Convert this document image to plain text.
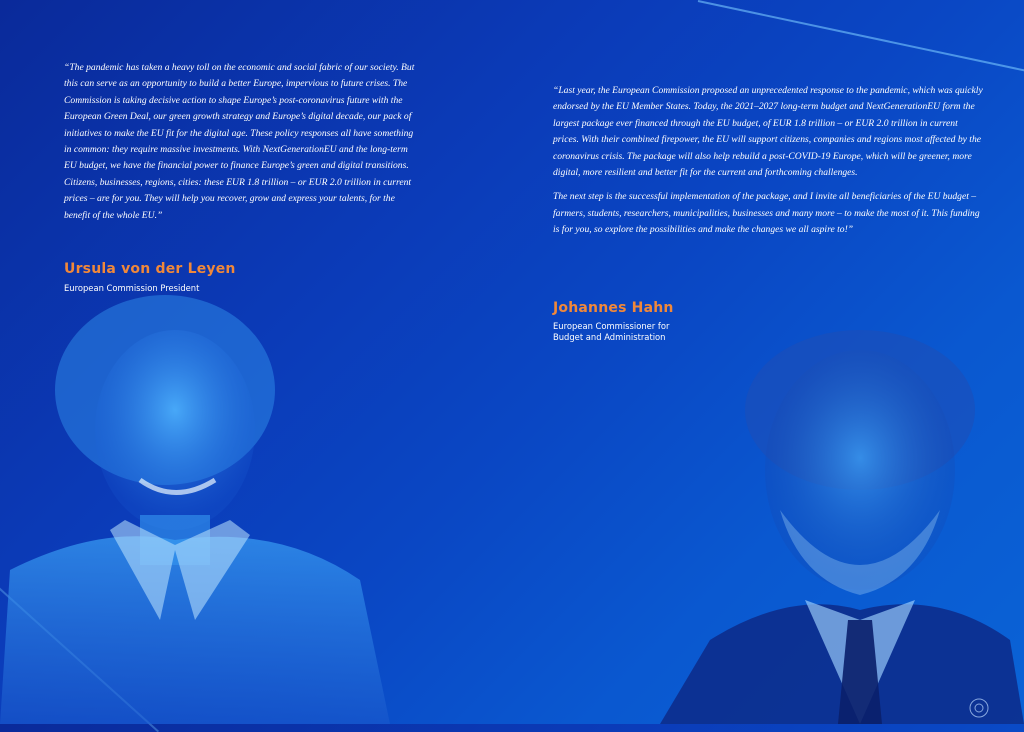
“The pandemic has taken a heavy toll on the economic and social fabric of our society. But this can serve as an opportunity to build a better Europe, impervious to future crises. The Commission is taking decisive action to shape Europe’s post-coronavirus future with the European Green Deal, our green growth strategy and Europe’s digital decade, our pack of initiatives to make the EU fit for the digital age. These policy responses all have something in common: they require massive investments. With NextGenerationEU and the long-term EU budget, we have the financial power to finance Europe’s green and digital transitions. Citizens, businesses, regions, cities: these EUR 1.8 trillion – or EUR 2.0 trillion in current prices – are for you. They will help you recover, grow and express your talents, for the benefit of the whole EU.”
Ursula von der Leyen
European Commission President

“Last year, the European Commission proposed an unprecedented response to the pandemic, which was quickly endorsed by the EU Member States. Today, the 2021–2027 long-term budget and NextGenerationEU form the largest package ever financed through the EU budget, of EUR 1.8 trillion – or EUR 2.0 trillion in current prices. With their combined firepower, the EU will support citizens, companies and regions most affected by the coronavirus crisis. The package will also help rebuild a post-COVID-19 Europe, which will be greener, more digital, more resilient and better fit for the current and forthcoming challenges.

The next step is the successful implementation of the package, and I invite all beneficiaries of the EU budget – farmers, students, researchers, municipalities, businesses and many more – to make the most of it. This funding is for you, so explore the possibilities and make the changes we all aspire to!”

Johannes Hahn
European Commissioner for
Budget and Administration
